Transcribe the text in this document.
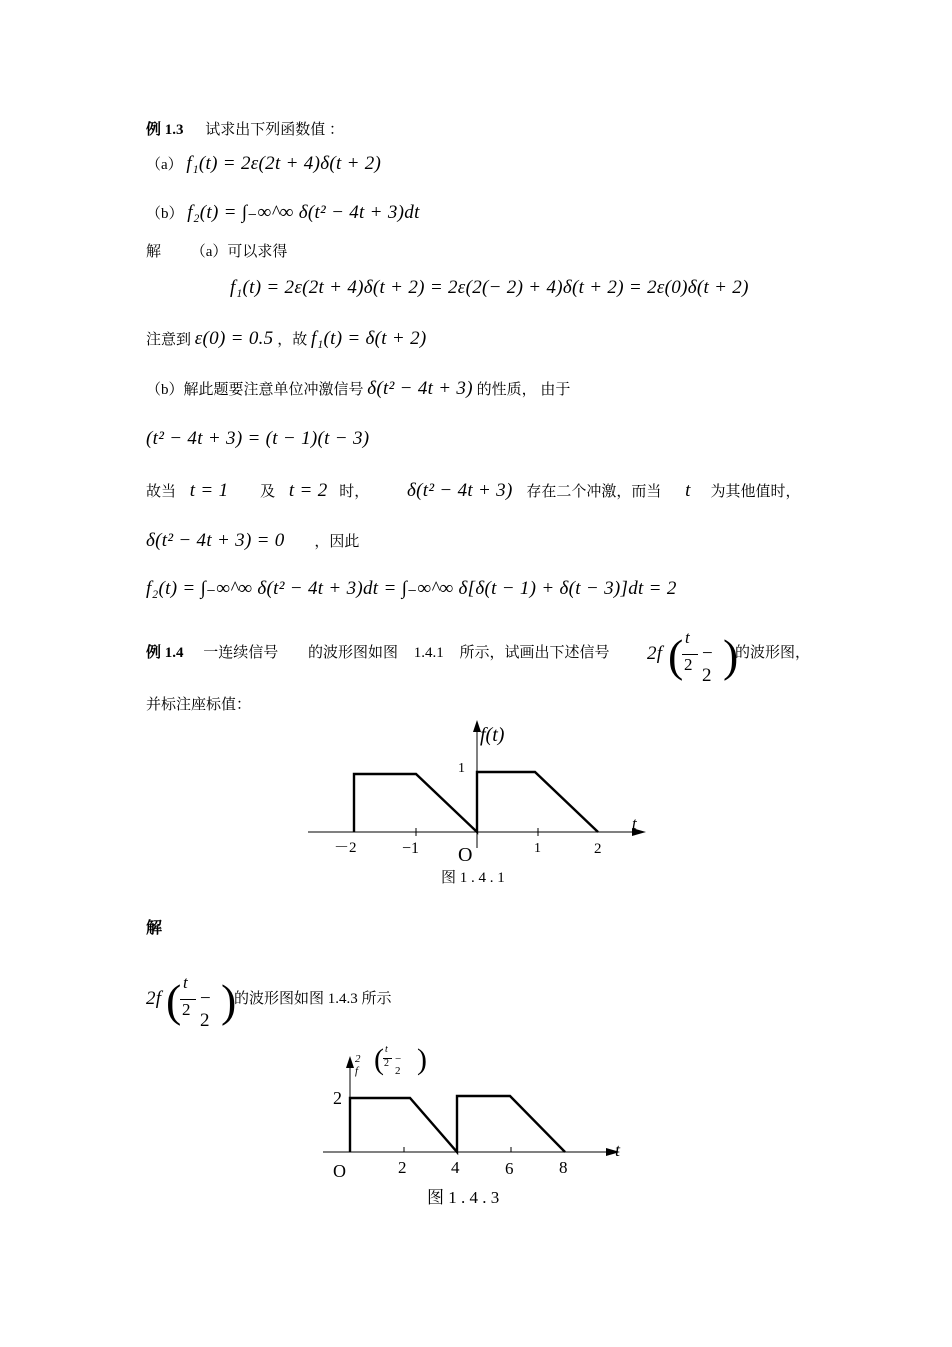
例 1.3 试求出下列函数值 ：
（a） f₁(t) = 2ε(2t + 4)δ(t + 2)
（b） f₂(t) = ∫₋∞^∞ δ(t² − 4t + 3)dt
解 （a）可以求得
f₁(t) = 2ε(2t + 4)δ(t + 2) = 2ε(2(− 2) + 4)δ(t + 2) = 2ε(0)δ(t + 2)
注意到 ε(0) = 0.5 ，故 f₁(t) = δ(t + 2)
（b）解此题要注意单位冲激信号 δ(t² − 4t + 3) 的性质， 由于
(t² − 4t + 3) = (t − 1)(t − 3)
故当 t = 1 及 t = 2 时， δ(t² − 4t + 3) 存在二个冲激，而当 t 为其他值时，
δ(t² − 4t + 3) = 0 ，因此
f₂(t) = ∫₋∞^∞ δ(t² − 4t + 3)dt = ∫₋∞^∞ δ[δ(t − 1) + δ(t − 3)]dt = 2
例 1.4 一连续信号 的波形图如图 1.4.1 所示，试画出下述信号 2f ( t
2
− 2 )
的波形图，
并标注座标值：
1
f(t)
t
－2	−1 O	1	2
图 1 . 4 . 1
2
t
O	2	4	6	8
图 1 . 4 . 3
2 f ( t
2 − 2 )
解
2f ( t
2
− 2 )
的波形图如图 1.4.3 所示
